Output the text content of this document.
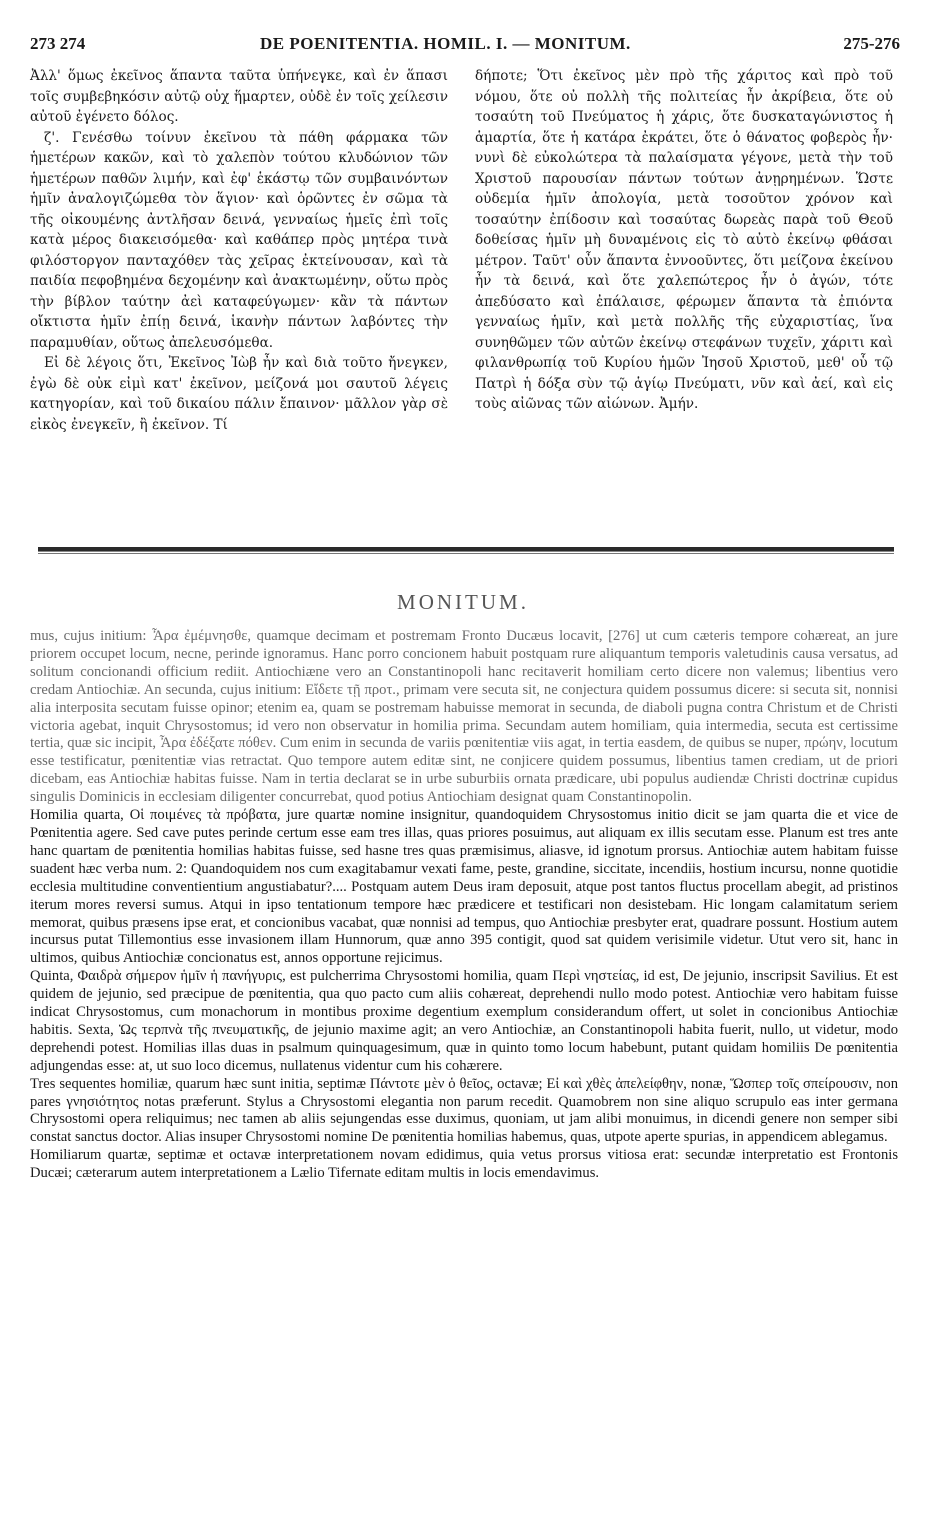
273 274	DE POENITENTIA. HOMIL. I. — MONITUM.	275-276

Ἀλλ' ὅμως ἐκεῖνος ἅπαντα ταῦτα ὑπήνεγκε, καὶ ἐν ἅπασι τοῖς συμβεβηκόσιν αὐτῷ οὐχ ἥμαρτεν, οὐδὲ ἐν τοῖς χείλεσιν αὐτοῦ ἐγένετο δόλος.

ζ'. Γενέσθω τοίνυν ἐκεῖνου τὰ πάθη φάρμακα τῶν ἡμετέρων κακῶν, καὶ τὸ χαλεπὸν τούτου κλυδώνιον τῶν ἡμετέρων παθῶν λιμήν, καὶ ἐφ' ἑκάστῳ τῶν συμβαινόντων ἡμῖν ἀναλογιζώμεθα τὸν ἅγιον· καὶ ὁρῶντες ἐν σῶμα τὰ τῆς οἰκουμένης ἀντλῆσαν δεινά, γενναίως ἡμεῖς ἐπὶ τοῖς κατὰ μέρος διακεισόμεθα· καὶ καθάπερ πρὸς μητέρα τινὰ φιλόστοργον πανταχόθεν τὰς χεῖρας ἐκτείνουσαν, καὶ τὰ παιδία πεφοβημένα δεχομένην καὶ ἀνακτωμένην, οὕτω πρὸς τὴν βίβλον ταύτην ἀεὶ καταφεύγωμεν· κἂν τὰ πάντων οἴκτιστα ἡμῖν ἐπίῃ δεινά, ἱκανὴν πάντων λαβόντες τὴν παραμυθίαν, οὕτως ἀπελευσόμεθα.

Εἰ δὲ λέγοις ὅτι, Ἐκεῖνος Ἰὼβ ἦν καὶ διὰ τοῦτο ἤνεγκεν, ἐγὼ δὲ οὐκ εἰμὶ κατ' ἐκεῖνον, μείζονά μοι σαυτοῦ λέγεις κατηγορίαν, καὶ τοῦ δικαίου πάλιν ἔπαινον· μᾶλλον γὰρ σὲ εἰκὸς ἐνεγκεῖν, ἢ ἐκεῖνον. Τί

δήποτε; Ὅτι ἐκεῖνος μὲν πρὸ τῆς χάριτος καὶ πρὸ τοῦ νόμου, ὅτε οὐ πολλὴ τῆς πολιτείας ἦν ἀκρίβεια, ὅτε οὐ τοσαύτη τοῦ Πνεύματος ἡ χάρις, ὅτε δυσκαταγώνιστος ἡ ἁμαρτία, ὅτε ἡ κατάρα ἐκράτει, ὅτε ὁ θάνατος φοβερὸς ἦν· νυνὶ δὲ εὐκολώτερα τὰ παλαίσματα γέγονε, μετὰ τὴν τοῦ Χριστοῦ παρουσίαν πάντων τούτων ἀνῃρημένων. Ὥστε οὐδεμία ἡμῖν ἀπολογία, μετὰ τοσοῦτον χρόνον καὶ τοσαύτην ἐπίδοσιν καὶ τοσαύτας δωρεὰς παρὰ τοῦ Θεοῦ δοθείσας ἡμῖν μὴ δυναμένοις εἰς τὸ αὐτὸ ἐκείνῳ φθάσαι μέτρον. Ταῦτ' οὖν ἅπαντα ἐννοοῦντες, ὅτι μείζονα ἐκείνου ἦν τὰ δεινά, καὶ ὅτε χαλεπώτερος ἦν ὁ ἀγών, τότε ἀπεδύσατο καὶ ἐπάλαισε, φέρωμεν ἅπαντα τὰ ἐπιόντα γενναίως ἡμῖν, καὶ μετὰ πολλῆς τῆς εὐχαριστίας, ἵνα συνηθῶμεν τῶν αὐτῶν ἐκείνῳ στεφάνων τυχεῖν, χάριτι καὶ φιλανθρωπίᾳ τοῦ Κυρίου ἡμῶν Ἰησοῦ Χριστοῦ, μεθ' οὗ τῷ Πατρὶ ἡ δόξα σὺν τῷ ἁγίῳ Πνεύματι, νῦν καὶ ἀεί, καὶ εἰς τοὺς αἰῶνας τῶν αἰώνων. Ἀμήν.

MONITUM.

mus, cujus initium: Ἆρα ἐμέμνησθε, quamque decimam et postremam Fronto Ducæus locavit, [276] ut cum cæteris tempore cohæreat, an jure priorem occupet locum, necne, perinde ignoramus. Hanc porro concionem habuit postquam rure aliquantum temporis valetudinis causa versatus, ad solitum concionandi officium rediit. Antiochiæne vero an Constantinopoli hanc recitaverit homiliam certo dicere non valemus; libentius vero credam Antiochiæ. An secunda, cujus initium: Εἴδετε τῇ προτ., primam vere secuta sit, ne conjectura quidem possumus dicere: si secuta sit, nonnisi alia interposita secutam fuisse opinor; etenim ea, quam se postremam habuisse memorat in secunda, de diaboli pugna contra Christum et de Christi victoria agebat, inquit Chrysostomus; id vero non observatur in homilia prima. Secundam autem homiliam, quia intermedia, secuta est certissime tertia, quæ sic incipit, Ἆρα ἐδέξατε πόθεν. Cum enim in secunda de variis pœnitentiæ viis agat, in tertia easdem, de quibus se nuper, πρώην, locutum esse testificatur, pœnitentiæ vias retractat. Quo tempore autem editæ sint, ne conjicere quidem possumus, libentius tamen crediam, ut de priori dicebam, eas Antiochiæ habitas fuisse. Nam in tertia declarat se in urbe suburbiis ornata prædicare, ubi populus audiendæ Christi doctrinæ cupidus singulis Dominicis in ecclesiam diligenter concurrebat, quod potius Antiochiam designat quam Constantinopolin.

Homilia quarta, Οἱ ποιμένες τὰ πρόβατα, jure quartæ nomine insignitur, quandoquidem Chrysostomus initio dicit se jam quarta die et vice de Pœnitentia agere. Sed cave putes perinde certum esse eam tres illas, quas priores posuimus, aut aliquam ex illis secutam esse. Planum est tres ante hanc quartam de pœnitentia homilias habitas fuisse, sed hasne tres quas præmisimus, aliasve, id ignotum prorsus. Antiochiæ autem habitam fuisse suadent hæc verba num. 2: Quandoquidem nos cum exagitabamur vexati fame, peste, grandine, siccitate, incendiis, hostium incursu, nonne quotidie ecclesia multitudine conventientium angustiabatur?.... Postquam autem Deus iram deposuit, atque post tantos fluctus procellam abegit, ad pristinos iterum mores reversi sumus. Atqui in ipso tentationum tempore hæc prædicere et testificari non desistebam. Hic longam calamitatum seriem memorat, quibus præsens ipse erat, et concionibus vacabat, quæ nonnisi ad tempus, quo Antiochiæ presbyter erat, quadrare possunt. Hostium autem incursus putat Tillemontius esse invasionem illam Hunnorum, quæ anno 395 contigit, quod sat quidem verisimile videtur. Utut vero sit, hanc in ultimos, quibus Antiochiæ concionatus est, annos opportune rejicimus.

Quinta, Φαιδρὰ σήμερον ἡμῖν ἡ πανήγυρις, est pulcherrima Chrysostomi homilia, quam Περὶ νηστείας, id est, De jejunio, inscripsit Savilius. Et est quidem de jejunio, sed præcipue de pœnitentia, qua quo pacto cum aliis cohæreat, deprehendi nullo modo potest. Antiochiæ vero habitam fuisse indicat Chrysostomus, cum monachorum in montibus proxime degentium exemplum considerandum offert, ut solet in concionibus Antiochiæ habitis. Sexta, Ὡς τερπνὰ τῆς πνευματικῆς, de jejunio maxime agit; an vero Antiochiæ, an Constantinopoli habita fuerit, nullo, ut videtur, modo deprehendi potest. Homilias illas duas in psalmum quinquagesimum, quæ in quinto tomo locum habebunt, putant quidam homiliis De pœnitentia adjungendas esse: at, ut suo loco dicemus, nullatenus videntur cum his cohærere.

Tres sequentes homiliæ, quarum hæc sunt initia, septimæ Πάντοτε μὲν ὁ θεῖος, octavæ; Εἰ καὶ χθὲς ἀπελείφθην, nonæ, Ὥσπερ τοῖς σπείρουσιν, non pares γνησιότητος notas præferunt. Stylus a Chrysostomi elegantia non parum recedit. Quamobrem non sine aliquo scrupulo eas inter germana Chrysostomi opera reliquimus; nec tamen ab aliis sejungendas esse duximus, quoniam, ut jam alibi monuimus, in dicendi genere non semper sibi constat sanctus doctor. Alias insuper Chrysostomi nomine De pœnitentia homilias habemus, quas, utpote aperte spurias, in appendicem ablegamus.

Homiliarum quartæ, septimæ et octavæ interpretationem novam edidimus, quia vetus prorsus vitiosa erat: secundæ interpretatio est Frontonis Ducæi; cæterarum autem interpretationem a Lælio Tifernate editam multis in locis emendavimus.
